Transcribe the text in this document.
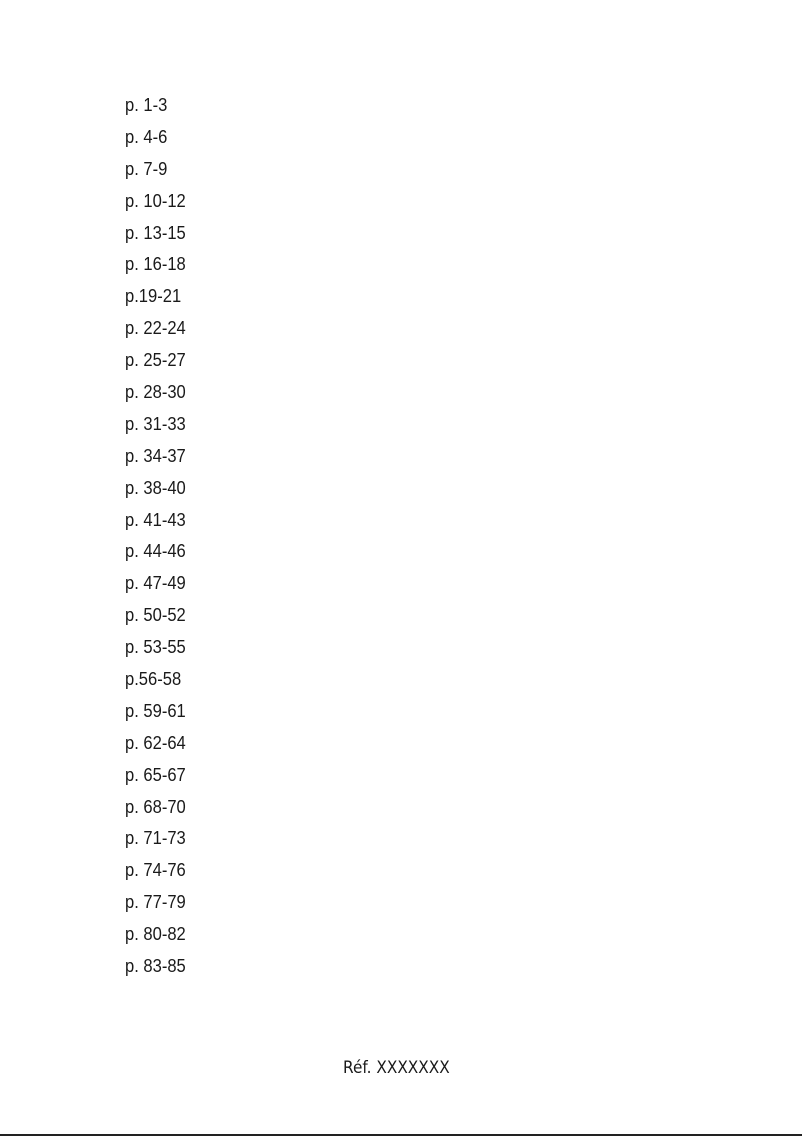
p. 1-3
p. 4-6
p. 7-9
p. 10-12
p. 13-15
p. 16-18
p.19-21
p. 22-24
p. 25-27
p. 28-30
p. 31-33
p. 34-37
p. 38-40
p. 41-43
p. 44-46
p. 47-49
p. 50-52
p. 53-55
p.56-58
p. 59-61
p. 62-64
p. 65-67
p. 68-70
p. 71-73
p. 74-76
p. 77-79
p. 80-82
p. 83-85
Réf. XXXXXXX
